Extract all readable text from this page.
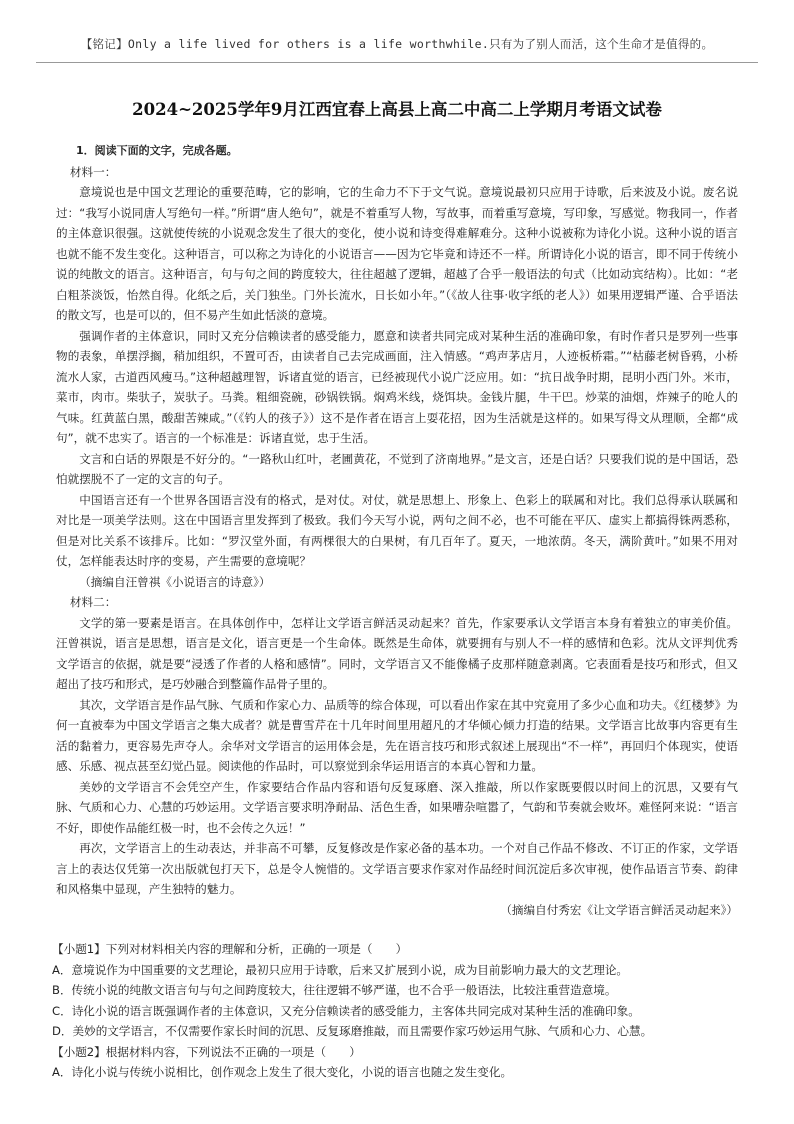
【铭记】Only a life lived for others is a life worthwhile.只有为了别人而活，这个生命才是值得的。
2024~2025学年9月江西宜春上高县上高二中高二上学期月考语文试卷

1．阅读下面的文字，完成各题。

材料一：

意境说也是中国文艺理论的重要范畴，它的影响，它的生命力不下于文气说。意境说最初只应用于诗歌，后来波及小说。废名说过：“我写小说同唐人写绝句一样。”所谓“唐人绝句”，就是不着重写人物，写故事，而着重写意境，写印象，写感觉。物我同一，作者的主体意识很强。这就使传统的小说观念发生了很大的变化，使小说和诗变得难解难分。这种小说被称为诗化小说。这种小说的语言也就不能不发生变化。这种语言，可以称之为诗化的小说语言——因为它毕竟和诗还不一样。所谓诗化小说的语言，即不同于传统小说的纯散文的语言。这种语言，句与句之间的跨度较大，往往超越了逻辑，超越了合乎一般语法的句式（比如动宾结构）。比如：“老白粗茶淡饭，怡然自得。化纸之后，关门独坐。门外长流水，日长如小年。”（《故人往事·收字纸的老人》）如果用逻辑严谨、合乎语法的散文写，也是可以的，但不易产生如此恬淡的意境。

强调作者的主体意识，同时又充分信赖读者的感受能力，愿意和读者共同完成对某种生活的准确印象，有时作者只是罗列一些事物的表象，单摆浮搁，稍加组织，不置可否，由读者自己去完成画面，注入情感。“鸡声茅店月，人迹板桥霜。”“枯藤老树昏鸦，小桥流水人家，古道西风瘦马。”这种超越理智，诉诸直觉的语言，已经被现代小说广泛应用。如：“抗日战争时期，昆明小西门外。米市，菜市，肉市。柴驮子，炭驮子。马粪。粗细瓷碗，砂锅铁锅。焖鸡米线，烧饵块。金钱片腿，牛干巴。炒菜的油烟，炸辣子的呛人的气味。红黄蓝白黑，酸甜苦辣咸。”（《钓人的孩子》）这不是作者在语言上耍花招，因为生活就是这样的。如果写得文从理顺，全都“成句”，就不忠实了。语言的一个标准是：诉诸直觉，忠于生活。

文言和白话的界限是不好分的。“一路秋山红叶，老圃黄花，不觉到了济南地界。”是文言，还是白话？只要我们说的是中国话，恐怕就摆脱不了一定的文言的句子。

中国语言还有一个世界各国语言没有的格式，是对仗。对仗，就是思想上、形象上、色彩上的联属和对比。我们总得承认联属和对比是一项美学法则。这在中国语言里发挥到了极致。我们今天写小说，两句之间不必，也不可能在平仄、虚实上都搞得铢两悉称，但是对比关系不该排斥。比如：“罗汉堂外面，有两棵很大的白果树，有几百年了。夏天，一地浓荫。冬天，满阶黄叶。”如果不用对仗，怎样能表达时序的变易，产生需要的意境呢？

（摘编自汪曾祺《小说语言的诗意》）

材料二：

文学的第一要素是语言。在具体创作中，怎样让文学语言鲜活灵动起来？首先，作家要承认文学语言本身有着独立的审美价值。汪曾祺说，语言是思想，语言是文化，语言更是一个生命体。既然是生命体，就要拥有与别人不一样的感情和色彩。沈从文评判优秀文学语言的依据，就是要“浸透了作者的人格和感情”。同时，文学语言又不能像橘子皮那样随意剥离。它表面看是技巧和形式，但又超出了技巧和形式，是巧妙融合到整篇作品骨子里的。

其次，文学语言是作品气脉、气质和作家心力、品质等的综合体现，可以看出作家在其中究竟用了多少心血和功夫。《红楼梦》为何一直被奉为中国文学语言之集大成者？就是曹雪芹在十几年时间里用超凡的才华倾心倾力打造的结果。文学语言比故事内容更有生活的黏着力，更容易先声夺人。余华对文学语言的运用体会是，先在语言技巧和形式叙述上展现出“不一样”，再回归个体现实，使语感、乐感、视点甚至幻觉凸显。阅读他的作品时，可以察觉到余华运用语言的本真心智和力量。

美妙的文学语言不会凭空产生，作家要结合作品内容和语句反复琢磨、深入推敲，所以作家既要假以时间上的沉思，又要有气脉、气质和心力、心慧的巧妙运用。文学语言要求明净耐品、活色生香，如果嘈杂喧嚣了，气韵和节奏就会败坏。难怪阿来说：“语言不好，即使作品能红极一时，也不会传之久远！”

再次，文学语言上的生动表达，并非高不可攀，反复修改是作家必备的基本功。一个对自己作品不修改、不订正的作家，文学语言上的表达仅凭第一次出版就包打天下，总是令人惋惜的。文学语言要求作家对作品经时间沉淀后多次审视，使作品语言节奏、韵律和风格集中显现，产生独特的魅力。

（摘编自付秀宏《让文学语言鲜活灵动起来》）

【小题1】下列对材料相关内容的理解和分析，正确的一项是（　　）

A．意境说作为中国重要的文艺理论，最初只应用于诗歌，后来又扩展到小说，成为目前影响力最大的文艺理论。

B．传统小说的纯散文语言句与句之间跨度较大，往往逻辑不够严谨，也不合乎一般语法，比较注重营造意境。

C．诗化小说的语言既强调作者的主体意识，又充分信赖读者的感受能力，主客体共同完成对某种生活的准确印象。

D．美妙的文学语言，不仅需要作家长时间的沉思、反复琢磨推敲，而且需要作家巧妙运用气脉、气质和心力、心慧。

【小题2】根据材料内容，下列说法不正确的一项是（　　）

A．诗化小说与传统小说相比，创作观念上发生了很大变化，小说的语言也随之发生变化。
